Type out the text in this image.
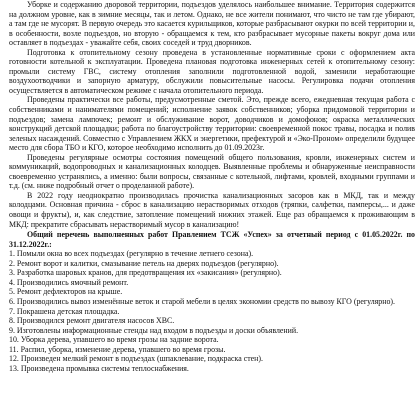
Уборке и содержанию дворовой территории, подъездов уделялось наибольшее внимание. Территория содержится на должном уровне, как в зимние месяцы, так и летом. Однако, не все жители понимают, что чисто не там где убирают, а там где не мусорят. В первую очередь это касается курильщиков, которые разбрасывают окурки по всей территории и, в особенности, возле подъездов, но вторую - обращаемся к тем, кто разбрасывает мусорные пакеты вокруг дома или оставляет в подъездах - уважайте себя, своих соседей и труд дворников.

Подготовка к отопительному сезону проведена в установленные нормативные сроки с оформлением акта готовности котельной к эксплуатации. Проведена плановая подготовка инженерных сетей к отопительному сезону: промыли систему ГВС, систему отопления заполнили подготовленной водой, заменили неработающие воздухоотводчики и запорную арматуру, обслужили повысительные насосы. Регулировка подачи отопления осуществляется в автоматическом режиме с начала отопительного периода.

Проведены практически все работы, предусмотренные сметой. Это, прежде всего, ежедневная текущая работа с собственниками и нанимателями помещений; исполнение заявок собственников; уборка придомовой территории и подъездов; замена лампочек; ремонт и обслуживание ворот, доводчиков и домофонов; окраска металлических конструкций детской площадки; работа по благоустройству территории: своевременной покос травы, посадка и полив зеленых насаждений. Совместно с Управлением ЖКХ и энергетики, префектурой и «Эко-Проном» определили будущее место для сбора ТБО и КГО, которое необходимо исполнить до 01.09.2023г.

Проведены регулярные осмотры состояния помещений общего пользования, кровли, инженерных систем и коммуникаций, водопроводных и канализационных колодцев. Выявленные проблемы и обнаруженные неисправности своевременно устранялись, а именно: были вопросы, связанные с котельной, лифтами, кровлей, входными группами и т.д. (см. ниже подробный отчет о проделанной работе).

В 2022 году неоднократно производилась прочистка канализационных засоров как в МКД, так и между колодцами. Основная причина - сброс в канализацию нерастворимых отходов (тряпки, салфетки, памперсы,... и даже овощи и фрукты), и, как следствие, затопление помещений нижних этажей. Еще раз обращаемся к проживающим в МКД: прекратите сбрасывать нерастворимый мусор в канализацию!

Общий перечень выполненных работ Правлением ТСЖ «Успех» за отчетный период с 01.05.2022г. по 31.12.2022г.:

1. Помыли окна во всех подъездах (регулярно в течение летнего сезона).
2. Ремонт ворот и калитки, смазывание петель на дверях подъездов (регулярно).
3. Разработка шаровых кранов, для предотвращения их «закисания» (регулярно).
4. Производились ямочный ремонт.
5. Ремонт дефлекторов на крыше.
6. Производились вывоз изменённые веток и старой мебели в целях экономии средств по вывозу КГО (регулярно).
7. Покрашена детская площадка.
8. Производился ремонт двигателя насосов ХВС.
9. Изготовлены информационные стенды над входом в подъезды и доски объявлений.
10. Уборка дерева, упавшего во время грозы на задние ворота.
11. Распил, уборка, изменение дерева, упавшего во время грозы.
12. Произведен мелкий ремонт в подъездах (шпаклевание, подкраска стен).
13. Произведена промывка системы теплоснабжения.
